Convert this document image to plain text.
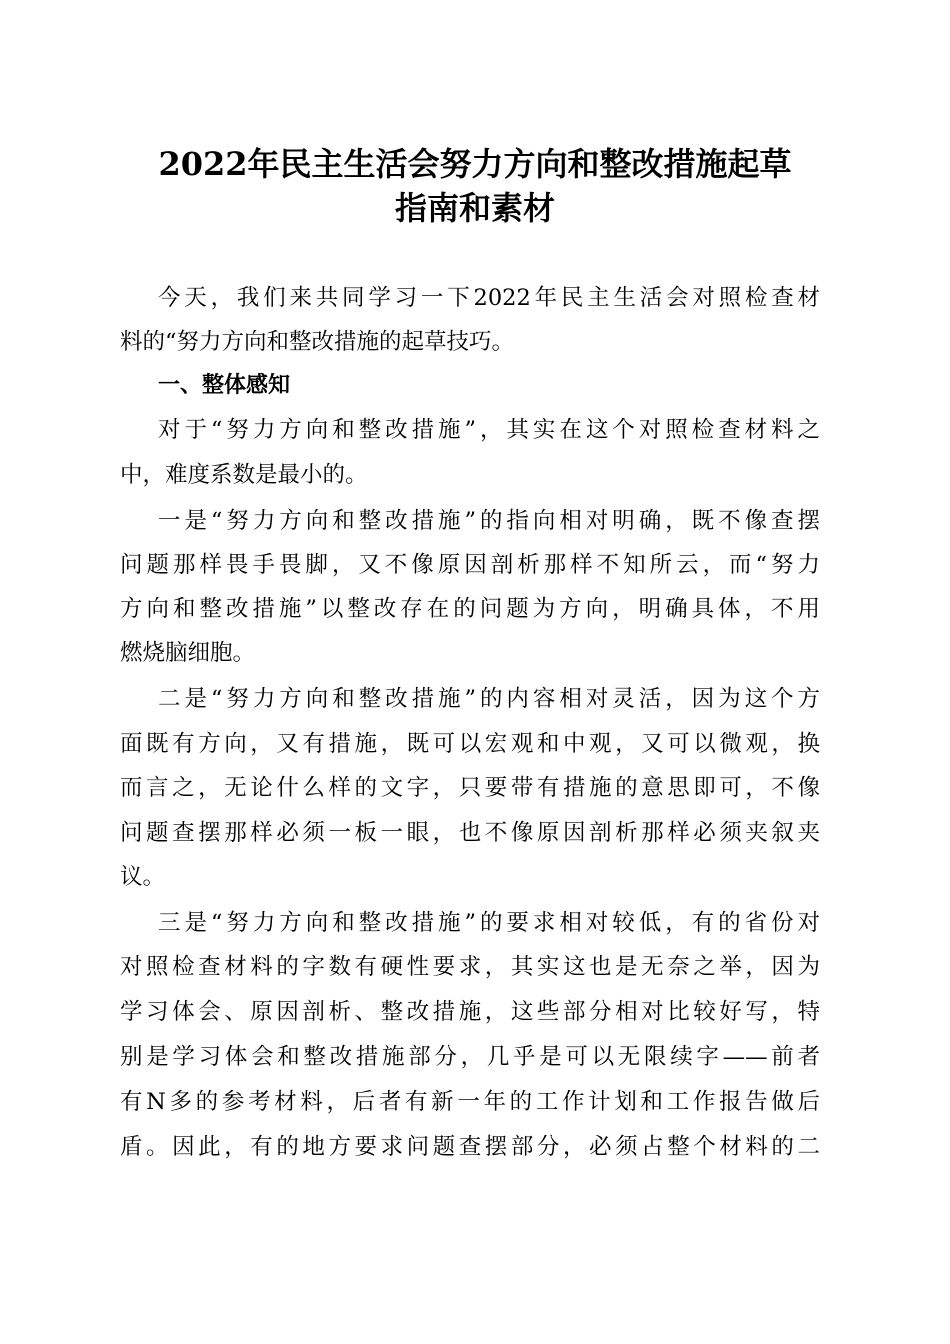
2022年民主生活会努力方向和整改措施起草
指南和素材
今天，我们来共同学习一下2022年民主生活会对照检查材
料的“努力方向和整改措施的起草技巧。
一、整体感知
对于“努力方向和整改措施”，其实在这个对照检查材料之
中，难度系数是最小的。
一是“努力方向和整改措施”的指向相对明确，既不像查摆
问题那样畏手畏脚，又不像原因剖析那样不知所云，而“努力
方向和整改措施”以整改存在的问题为方向，明确具体，不用
燃烧脑细胞。
二是“努力方向和整改措施”的内容相对灵活，因为这个方
面既有方向，又有措施，既可以宏观和中观，又可以微观，换
而言之，无论什么样的文字，只要带有措施的意思即可，不像
问题查摆那样必须一板一眼，也不像原因剖析那样必须夹叙夹
议。
三是“努力方向和整改措施”的要求相对较低，有的省份对
对照检查材料的字数有硬性要求，其实这也是无奈之举，因为
学习体会、原因剖析、整改措施，这些部分相对比较好写，特
别是学习体会和整改措施部分，几乎是可以无限续字——前者
有N多的参考材料，后者有新一年的工作计划和工作报告做后
盾。因此，有的地方要求问题查摆部分，必须占整个材料的二
